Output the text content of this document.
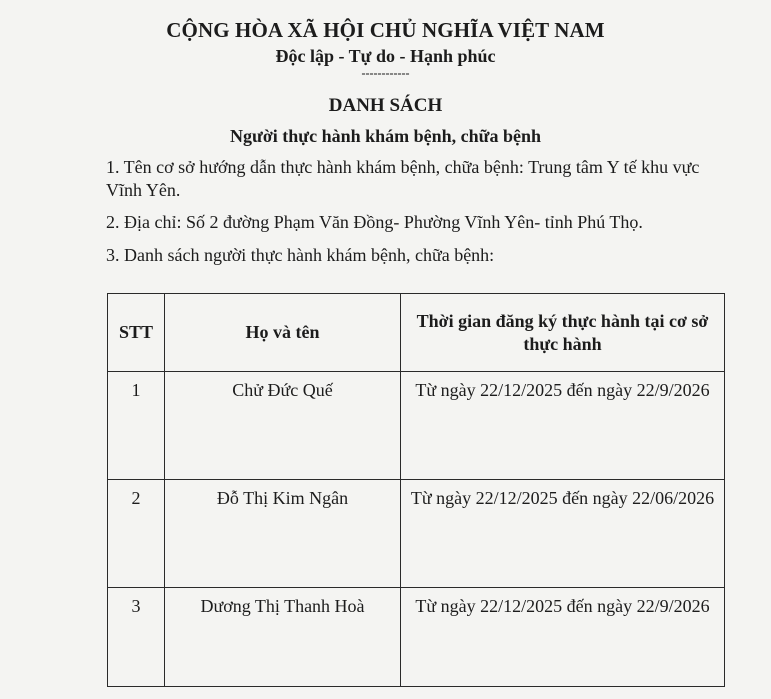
CỘNG HÒA XÃ HỘI CHỦ NGHĨA VIỆT NAM
Độc lập - Tự do - Hạnh phúc
------------
DANH SÁCH
Người thực hành khám bệnh, chữa bệnh
1. Tên cơ sở hướng dẫn thực hành khám bệnh, chữa bệnh: Trung tâm Y tế khu vực Vĩnh Yên.
2. Địa chỉ: Số 2 đường Phạm Văn Đồng- Phường Vĩnh Yên- tỉnh Phú Thọ.
3. Danh sách người thực hành khám bệnh, chữa bệnh:
STT	Họ và tên	Thời gian đăng ký thực hành tại cơ sở thực hành
1	Chử Đức Quế	Từ ngày 22/12/2025 đến ngày 22/9/2026
2	Đỗ Thị Kim Ngân	Từ ngày 22/12/2025 đến ngày 22/06/2026
3	Dương Thị Thanh Hoà	Từ ngày 22/12/2025 đến ngày 22/9/2026
